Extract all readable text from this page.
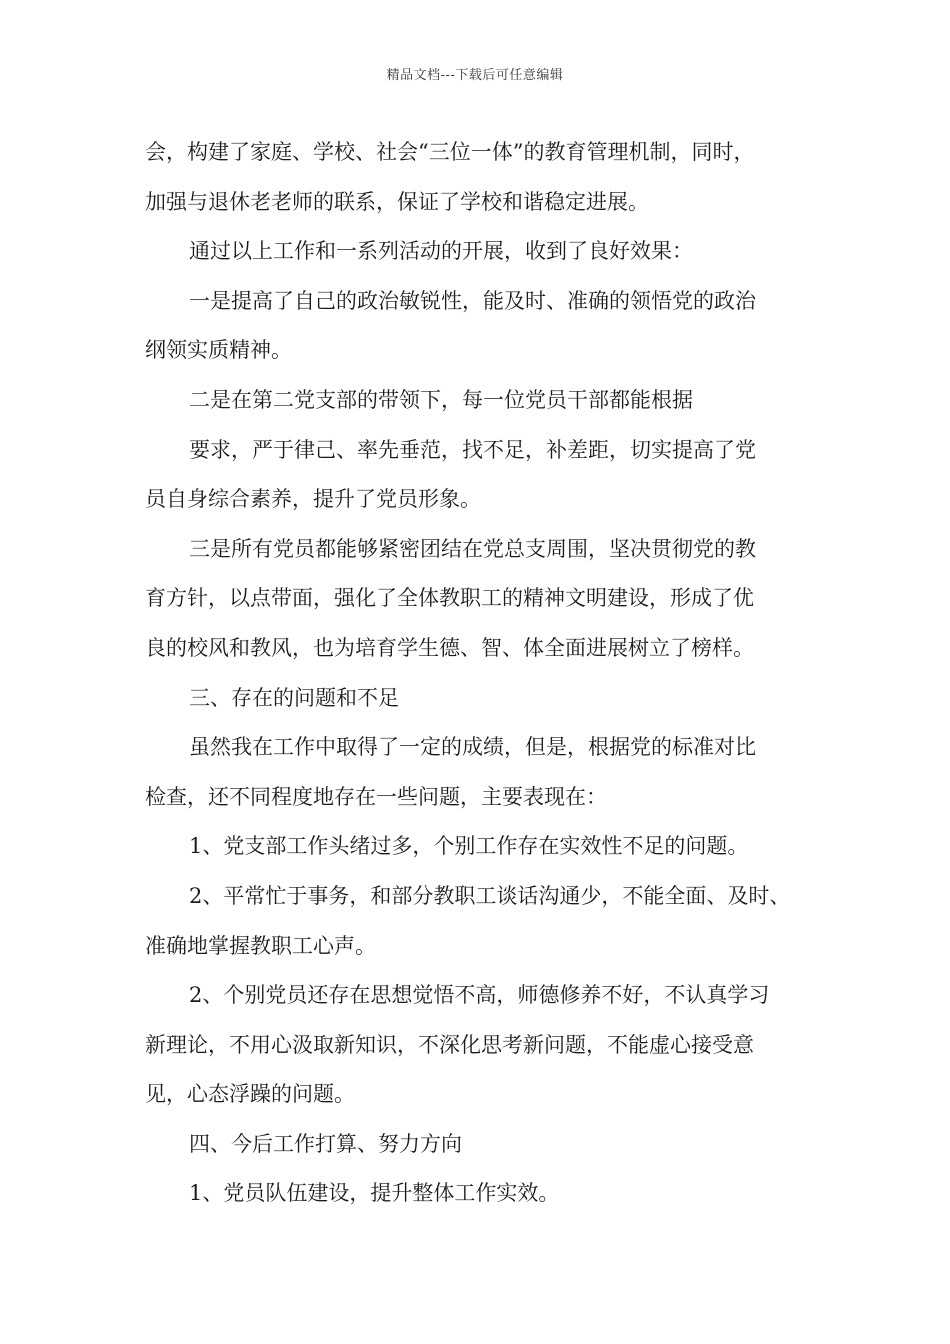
精品文档---下载后可任意编辑
会，构建了家庭、学校、社会“三位一体”的教育管理机制，同时，
加强与退休老老师的联系，保证了学校和谐稳定进展。
通过以上工作和一系列活动的开展，收到了良好效果：
一是提高了自己的政治敏锐性，能及时、准确的领悟党的政治
纲领实质精神。
二是在第二党支部的带领下，每一位党员干部都能根据
要求，严于律己、率先垂范，找不足，补差距，切实提高了党
员自身综合素养，提升了党员形象。
三是所有党员都能够紧密团结在党总支周围，坚决贯彻党的教
育方针，以点带面，强化了全体教职工的精神文明建设，形成了优
良的校风和教风，也为培育学生德、智、体全面进展树立了榜样。
三、存在的问题和不足
虽然我在工作中取得了一定的成绩，但是，根据党的标准对比
检查，还不同程度地存在一些问题，主要表现在：
1、党支部工作头绪过多，个别工作存在实效性不足的问题。
2、平常忙于事务，和部分教职工谈话沟通少，不能全面、及时、
准确地掌握教职工心声。
2、个别党员还存在思想觉悟不高，师德修养不好，不认真学习
新理论，不用心汲取新知识，不深化思考新问题，不能虚心接受意
见，心态浮躁的问题。
四、今后工作打算、努力方向
1、党员队伍建设，提升整体工作实效。
